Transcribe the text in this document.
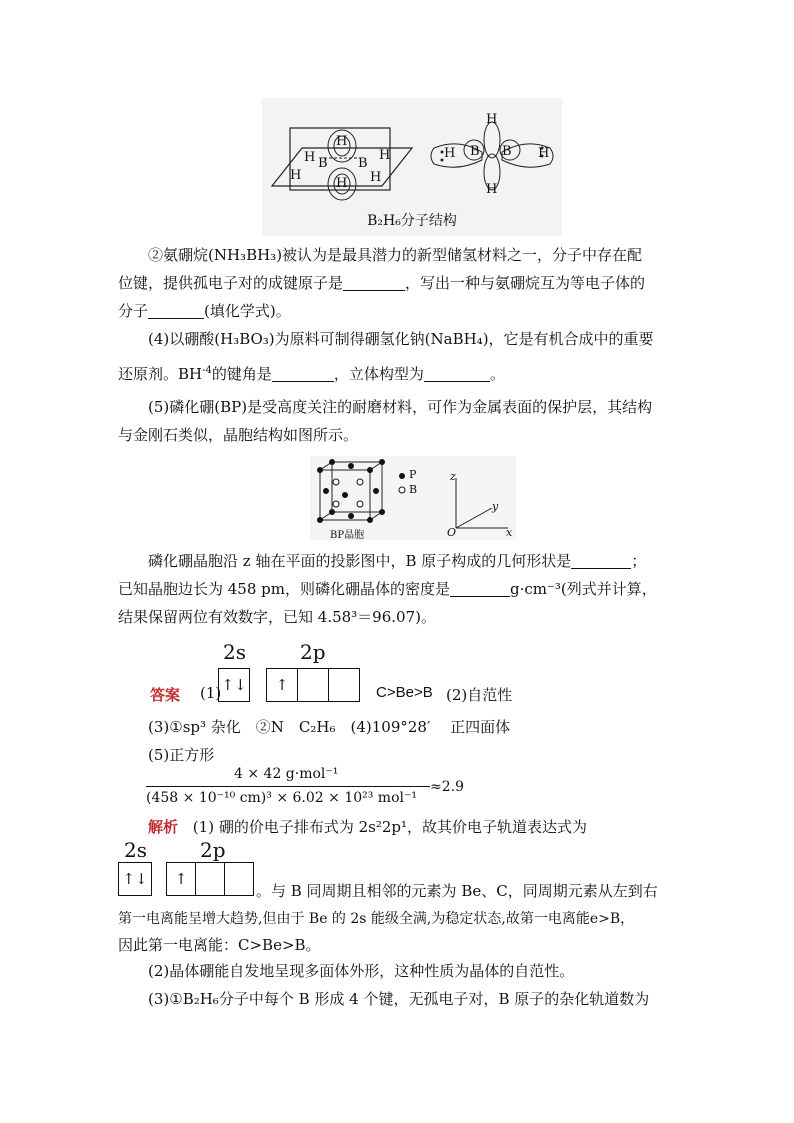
H
H
H
B B
H
H
H
H
H B B H
H
B₂H₆分子结构
②氨硼烷(NH₃BH₃)被认为是最具潜力的新型储氢材料之一，分子中存在配
位键，提供孤电子对的成键原子是	，写出一种与氨硼烷互为等电子体的
分子	(填化学式)。
(4)以硼酸(H₃BO₃)为原料可制得硼氢化钠(NaBH₄)，它是有机合成中的重要
还原剂。$BH^{-4}$的键角是	，立体构型为	。
(5)磷化硼(BP)是受高度关注的耐磨材料，可作为金属表面的保护层，其结构
与金刚石类似，晶胞结构如图所示。
P
B
z
y
x
O
BP晶胞
磷化硼晶胞沿 z 轴在平面的投影图中，B 原子构成的几何形状是	；
已知晶胞边长为 458 pm，则磷化硼晶体的密度是	g·cm⁻³(列式并计算，
结果保留两位有效数字，已知 4.58³＝96.07)。
2s	2p
答案 (1) ↑↓	↑	C>Be>B (2)自范性
(3)①sp³ 杂化　②N　C₂H₆　(4)109°28′　 正四面体
(5)正方形
4 × 42 g·mol⁻¹
(458 × 10⁻¹⁰ cm)³ × 6.02 × 10²³ mol⁻¹
≈2.9
解析 (1) 硼的价电子排布式为 2s²2p¹，故其价电子轨道表达式为
2s	2p
↑↓	↑
。与 B 同周期且相邻的元素为 Be、C，同周期元素从左到右
第一电离能呈增大趋势,但由于 Be 的 2s 能级全满,为稳定状态,故第一电离能e>B，
因此第一电离能：C>Be>B。
(2)晶体硼能自发地呈现多面体外形，这种性质为晶体的自范性。
(3)①B₂H₆分子中每个 B 形成 4 个键，无孤电子对，B 原子的杂化轨道数为
